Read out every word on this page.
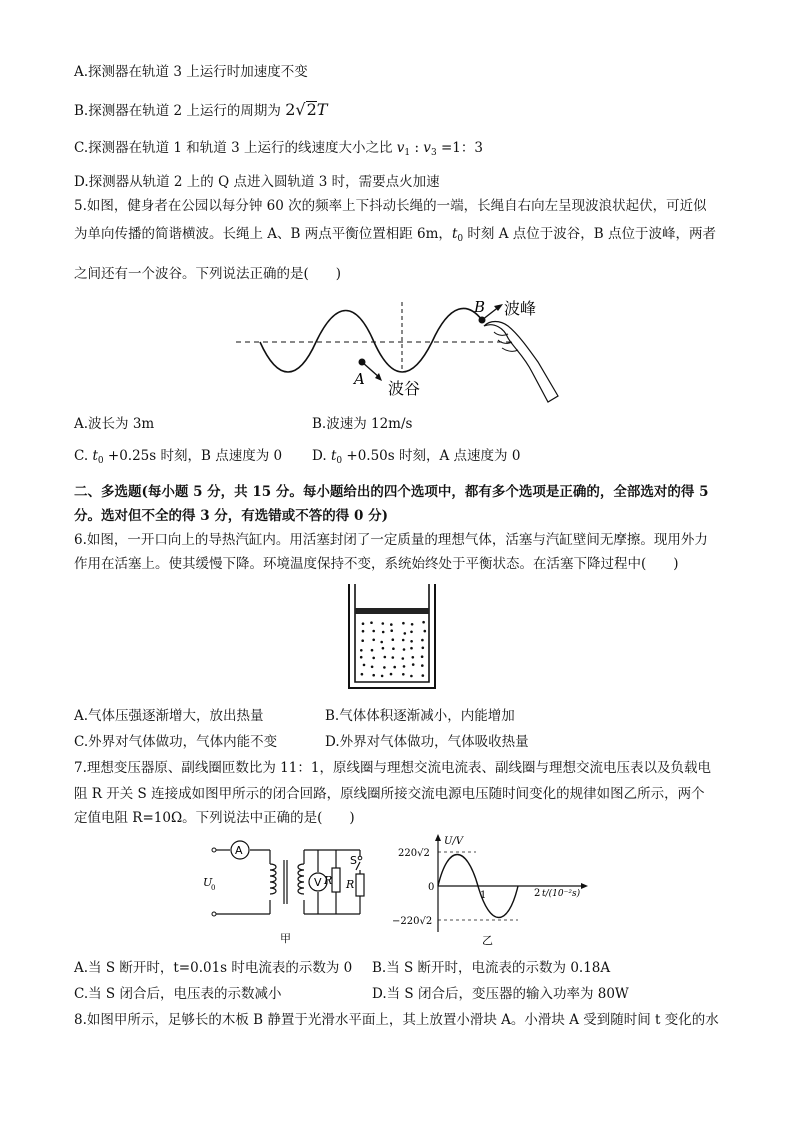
A.探测器在轨道 3 上运行时加速度不变
B.探测器在轨道 2 上运行的周期为 2√2T
C.探测器在轨道 1 和轨道 3 上运行的线速度大小之比 $v_1$ : $v_3 =1$：3
D.探测器从轨道 2 上的 Q 点进入圆轨道 3 时，需要点火加速
5.如图，健身者在公园以每分钟 60 次的频率上下抖动长绳的一端，长绳自右向左呈现波浪状起伏，可近似
为单向传播的简谐横波。长绳上 A、B 两点平衡位置相距 6m，$t_0$ 时刻 A 点位于波谷，B 点位于波峰，两者
之间还有一个波谷。下列说法正确的是(　　)
B
A
波峰
波谷
A.波长为 3m	B.波速为 12m/s
C. $t_0 +0.25s$ 时刻，B 点速度为 0 D. $t_0 +0.50s$ 时刻，A 点速度为 0
二、多选题(每小题 5 分，共 15 分。每小题给出的四个选项中，都有多个选项是正确的，全部选对的得 5
分。选对但不全的得 3 分，有选错或不答的得 0 分)
6.如图，一开口向上的导热汽缸内。用活塞封闭了一定质量的理想气体，活塞与汽缸壁间无摩擦。现用外力
作用在活塞上。使其缓慢下降。环境温度保持不变，系统始终处于平衡状态。在活塞下降过程中(　　)
A.气体压强逐渐增大，放出热量	B.气体体积逐渐减小，内能增加
C.外界对气体做功，气体内能不变	D.外界对气体做功，气体吸收热量
7.理想变压器原、副线圈匝数比为 11：1，原线圈与理想交流电流表、副线圈与理想交流电压表以及负载电
阻 R 开关 S 连接成如图甲所示的闭合回路，原线圈所接交流电源电压随时间变化的规律如图乙所示，两个
定值电阻 R=10Ω。下列说法中正确的是(　　)
A
V R R
S
U
0
甲
U/V
220√2
−220√2
0
1	2 t/(10⁻²s)
乙
A.当 S 断开时，t=0.01s 时电流表的示数为 0 B.当 S 断开时，电流表的示数为 0.18A
C.当 S 闭合后，电压表的示数减小	D.当 S 闭合后，变压器的输入功率为 80W
8.如图甲所示，足够长的木板 B 静置于光滑水平面上，其上放置小滑块 A。小滑块 A 受到随时间 t 变化的水
